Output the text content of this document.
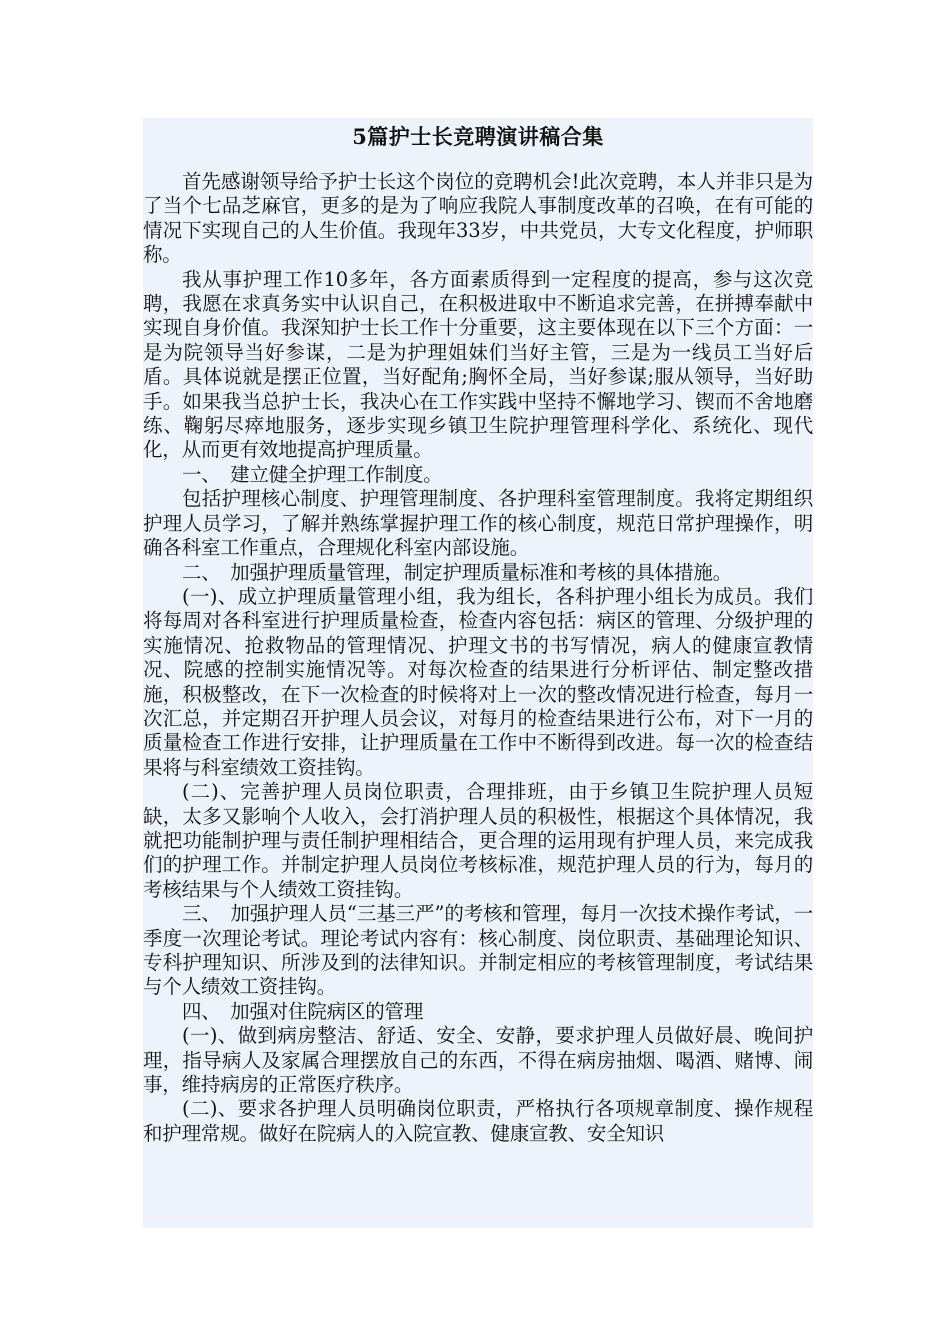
5篇护士长竞聘演讲稿合集

首先感谢领导给予护士长这个岗位的竞聘机会!此次竞聘，本人并非只是为了当个七品芝麻官，更多的是为了响应我院人事制度改革的召唤，在有可能的情况下实现自己的人生价值。我现年33岁，中共党员，大专文化程度，护师职称。

我从事护理工作10多年，各方面素质得到一定程度的提高，参与这次竞聘，我愿在求真务实中认识自己，在积极进取中不断追求完善，在拼搏奉献中实现自身价值。我深知护士长工作十分重要，这主要体现在以下三个方面：一是为院领导当好参谋，二是为护理姐妹们当好主管，三是为一线员工当好后盾。具体说就是摆正位置，当好配角;胸怀全局，当好参谋;服从领导，当好助手。如果我当总护士长，我决心在工作实践中坚持不懈地学习、锲而不舍地磨练、鞠躬尽瘁地服务，逐步实现乡镇卫生院护理管理科学化、系统化、现代化，从而更有效地提高护理质量。

一、　建立健全护理工作制度。

包括护理核心制度、护理管理制度、各护理科室管理制度。我将定期组织护理人员学习，了解并熟练掌握护理工作的核心制度，规范日常护理操作，明确各科室工作重点，合理规化科室内部设施。

二、　加强护理质量管理，制定护理质量标准和考核的具体措施。

(一)、成立护理质量管理小组，我为组长，各科护理小组长为成员。我们将每周对各科室进行护理质量检查，检查内容包括：病区的管理、分级护理的实施情况、抢救物品的管理情况、护理文书的书写情况，病人的健康宣教情况、院感的控制实施情况等。对每次检查的结果进行分析评估、制定整改措施，积极整改，在下一次检查的时候将对上一次的整改情况进行检查，每月一次汇总，并定期召开护理人员会议，对每月的检查结果进行公布，对下一月的质量检查工作进行安排，让护理质量在工作中不断得到改进。每一次的检查结果将与科室绩效工资挂钩。

(二)、完善护理人员岗位职责，合理排班，由于乡镇卫生院护理人员短缺，太多又影响个人收入，会打消护理人员的积极性，根据这个具体情况，我就把功能制护理与责任制护理相结合，更合理的运用现有护理人员，来完成我们的护理工作。并制定护理人员岗位考核标准，规范护理人员的行为，每月的考核结果与个人绩效工资挂钩。

三、　加强护理人员“三基三严”的考核和管理，每月一次技术操作考试，一季度一次理论考试。理论考试内容有：核心制度、岗位职责、基础理论知识、专科护理知识、所涉及到的法律知识。并制定相应的考核管理制度，考试结果与个人绩效工资挂钩。

四、　加强对住院病区的管理

(一)、做到病房整洁、舒适、安全、安静，要求护理人员做好晨、晚间护理，指导病人及家属合理摆放自己的东西，不得在病房抽烟、喝酒、赌博、闹事，维持病房的正常医疗秩序。

(二)、要求各护理人员明确岗位职责，严格执行各项规章制度、操作规程和护理常规。做好在院病人的入院宣教、健康宣教、安全知识
